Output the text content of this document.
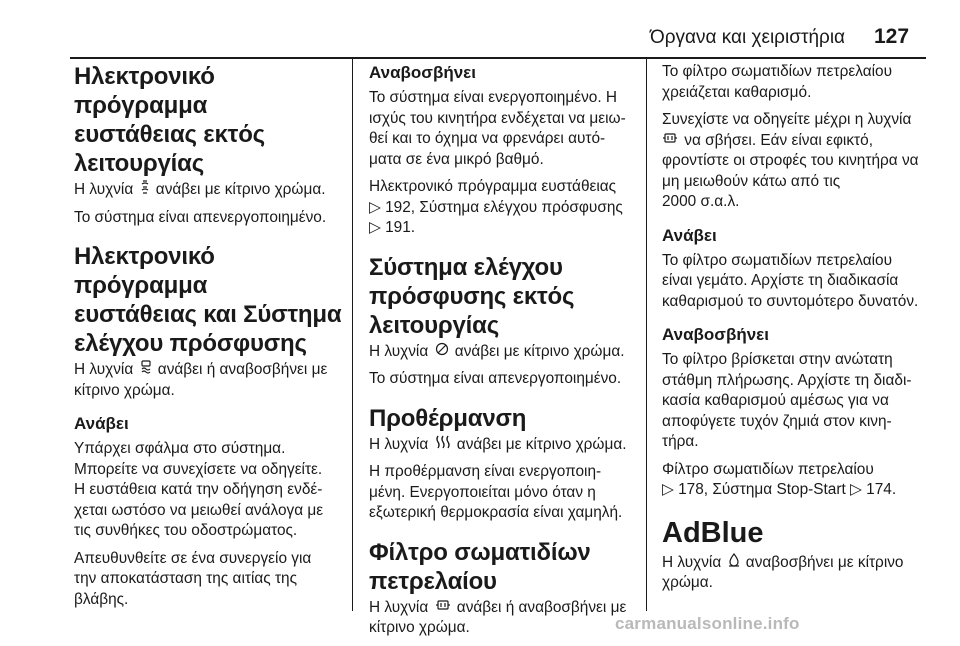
Όργανα και χειριστήρια 127
Ηλεκτρονικό πρόγραμμα
ευστάθειας εκτός
λειτουργίας

Η λυχνία ανάβει με κίτρινο χρώμα.

Το σύστημα είναι απενεργοποιημένο.

Ηλεκτρονικό πρόγραμμα
ευστάθειας και Σύστημα
ελέγχου πρόσφυσης

Η λυχνία ανάβει ή αναβοσβήνει με κίτρινο χρώμα.

Ανάβει

Υπάρχει σφάλμα στο σύστημα.
Μπορείτε να συνεχίσετε να οδηγείτε.
Η ευστάθεια κατά την οδήγηση ενδέ-
χεται ωστόσο να μειωθεί ανάλογα με
τις συνθήκες του οδοστρώματος.

Απευθυνθείτε σε ένα συνεργείο για
την αποκατάσταση της αιτίας της
βλάβης.

Αναβοσβήνει

Το σύστημα είναι ενεργοποιημένο. Η
ισχύς του κινητήρα ενδέχεται να μειω-
θεί και το όχημα να φρενάρει αυτό-
ματα σε ένα μικρό βαθμό.

Ηλεκτρονικό πρόγραμμα ευστάθειας
▷ 192, Σύστημα ελέγχου πρόσφυσης
▷ 191.

Σύστημα ελέγχου
πρόσφυσης εκτός
λειτουργίας

Η λυχνία ανάβει με κίτρινο χρώμα.

Το σύστημα είναι απενεργοποιημένο.

Προθέρμανση

Η λυχνία ανάβει με κίτρινο χρώμα.

Η προθέρμανση είναι ενεργοποιη-
μένη. Ενεργοποιείται μόνο όταν η
εξωτερική θερμοκρασία είναι χαμηλή.

Φίλτρο σωματιδίων
πετρελαίου

Η λυχνία ανάβει ή αναβοσβήνει με κίτρινο χρώμα.

Το φίλτρο σωματιδίων πετρελαίου
χρειάζεται καθαρισμό.

Συνεχίστε να οδηγείτε μέχρι η λυχνία
να σβήσει. Εάν είναι εφικτό,
φροντίστε οι στροφές του κινητήρα να
μη μειωθούν κάτω από τις
2000 σ.α.λ.

Ανάβει

Το φίλτρο σωματιδίων πετρελαίου
είναι γεμάτο. Αρχίστε τη διαδικασία
καθαρισμού το συντομότερο δυνατόν.

Αναβοσβήνει

Το φίλτρο βρίσκεται στην ανώτατη
στάθμη πλήρωσης. Αρχίστε τη διαδι-
κασία καθαρισμού αμέσως για να
αποφύγετε τυχόν ζημιά στον κινη-
τήρα.

Φίλτρο σωματιδίων πετρελαίου
▷ 178, Σύστημα Stop-Start ▷ 174.

AdBlue

Η λυχνία αναβοσβήνει με κίτρινο
χρώμα.

carmanualsonline.info
